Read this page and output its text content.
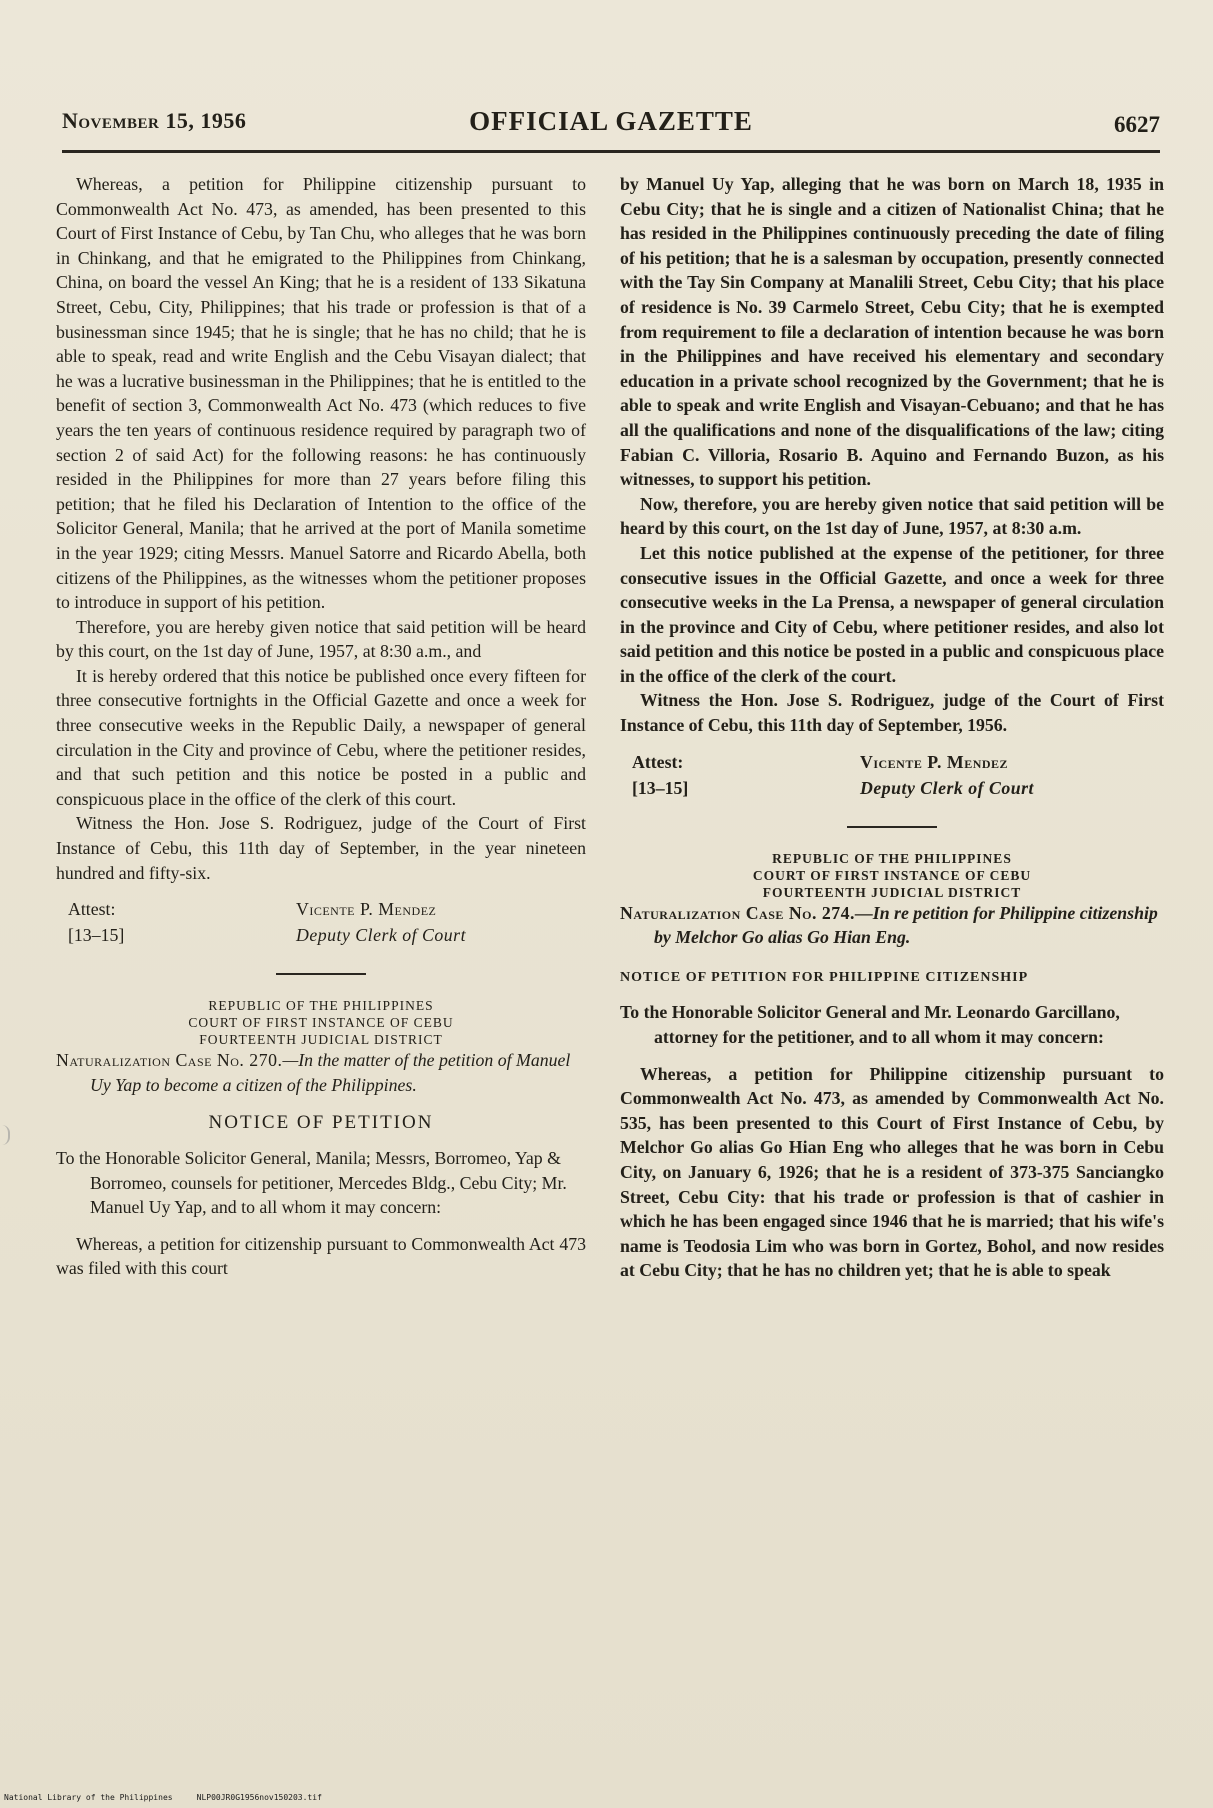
November 15, 1956	OFFICIAL GAZETTE	6627

Whereas, a petition for Philippine citizenship pursuant to Commonwealth Act No. 473, as amended, has been presented to this Court of First Instance of Cebu, by Tan Chu, who alleges that he was born in Chinkang, and that he emigrated to the Philippines from Chinkang, China, on board the vessel An King; that he is a resident of 133 Sikatuna Street, Cebu, City, Philippines; that his trade or profession is that of a businessman since 1945; that he is single; that he has no child; that he is able to speak, read and write English and the Cebu Visayan dialect; that he was a lucrative businessman in the Philippines; that he is entitled to the benefit of section 3, Commonwealth Act No. 473 (which reduces to five years the ten years of continuous residence required by paragraph two of section 2 of said Act) for the following reasons: he has continuously resided in the Philippines for more than 27 years before filing this petition; that he filed his Declaration of Intention to the office of the Solicitor General, Manila; that he arrived at the port of Manila sometime in the year 1929; citing Messrs. Manuel Satorre and Ricardo Abella, both citizens of the Philippines, as the witnesses whom the petitioner proposes to introduce in support of his petition.

Therefore, you are hereby given notice that said petition will be heard by this court, on the 1st day of June, 1957, at 8:30 a.m., and

It is hereby ordered that this notice be published once every fifteen for three consecutive fortnights in the Official Gazette and once a week for three consecutive weeks in the Republic Daily, a newspaper of general circulation in the City and province of Cebu, where the petitioner resides, and that such petition and this notice be posted in a public and conspicuous place in the office of the clerk of this court.

Witness the Hon. Jose S. Rodriguez, judge of the Court of First Instance of Cebu, this 11th day of September, in the year nineteen hundred and fifty-six.

Attest:
[13–15]
Vicente P. Mendez
Deputy Clerk of Court
REPUBLIC OF THE PHILIPPINES
COURT OF FIRST INSTANCE OF CEBU
FOURTEENTH JUDICIAL DISTRICT

Naturalization Case No. 270.—In the matter of the petition of Manuel Uy Yap to become a citizen of the Philippines.

NOTICE OF PETITION

To the Honorable Solicitor General, Manila; Messrs, Borromeo, Yap & Borromeo, counsels for petitioner, Mercedes Bldg., Cebu City; Mr. Manuel Uy Yap, and to all whom it may concern:

Whereas, a petition for citizenship pursuant to Commonwealth Act 473 was filed with this court

by Manuel Uy Yap, alleging that he was born on March 18, 1935 in Cebu City; that he is single and a citizen of Nationalist China; that he has resided in the Philippines continuously preceding the date of filing of his petition; that he is a salesman by occupation, presently connected with the Tay Sin Company at Manalili Street, Cebu City; that his place of residence is No. 39 Carmelo Street, Cebu City; that he is exempted from requirement to file a declaration of intention because he was born in the Philippines and have received his elementary and secondary education in a private school recognized by the Government; that he is able to speak and write English and Visayan-Cebuano; and that he has all the qualifications and none of the disqualifications of the law; citing Fabian C. Villoria, Rosario B. Aquino and Fernando Buzon, as his witnesses, to support his petition.

Now, therefore, you are hereby given notice that said petition will be heard by this court, on the 1st day of June, 1957, at 8:30 a.m.

Let this notice published at the expense of the petitioner, for three consecutive issues in the Official Gazette, and once a week for three consecutive weeks in the La Prensa, a newspaper of general circulation in the province and City of Cebu, where petitioner resides, and also lot said petition and this notice be posted in a public and conspicuous place in the office of the clerk of the court.

Witness the Hon. Jose S. Rodriguez, judge of the Court of First Instance of Cebu, this 11th day of September, 1956.

Attest:
[13–15]
Vicente P. Mendez
Deputy Clerk of Court
REPUBLIC OF THE PHILIPPINES
COURT OF FIRST INSTANCE OF CEBU
FOURTEENTH JUDICIAL DISTRICT

Naturalization Case No. 274.—In re petition for Philippine citizenship by Melchor Go alias Go Hian Eng.

NOTICE OF PETITION FOR PHILIPPINE CITIZENSHIP

To the Honorable Solicitor General and Mr. Leonardo Garcillano, attorney for the petitioner, and to all whom it may concern:

Whereas, a petition for Philippine citizenship pursuant to Commonwealth Act No. 473, as amended by Commonwealth Act No. 535, has been presented to this Court of First Instance of Cebu, by Melchor Go alias Go Hian Eng who alleges that he was born in Cebu City, on January 6, 1926; that he is a resident of 373-375 Sanciangko Street, Cebu City: that his trade or profession is that of cashier in which he has been engaged since 1946 that he is married; that his wife's name is Teodosia Lim who was born in Gortez, Bohol, and now resides at Cebu City; that he has no children yet; that he is able to speak

National Library of the Philippines     NLP00JR0G1956nov150203.tif
